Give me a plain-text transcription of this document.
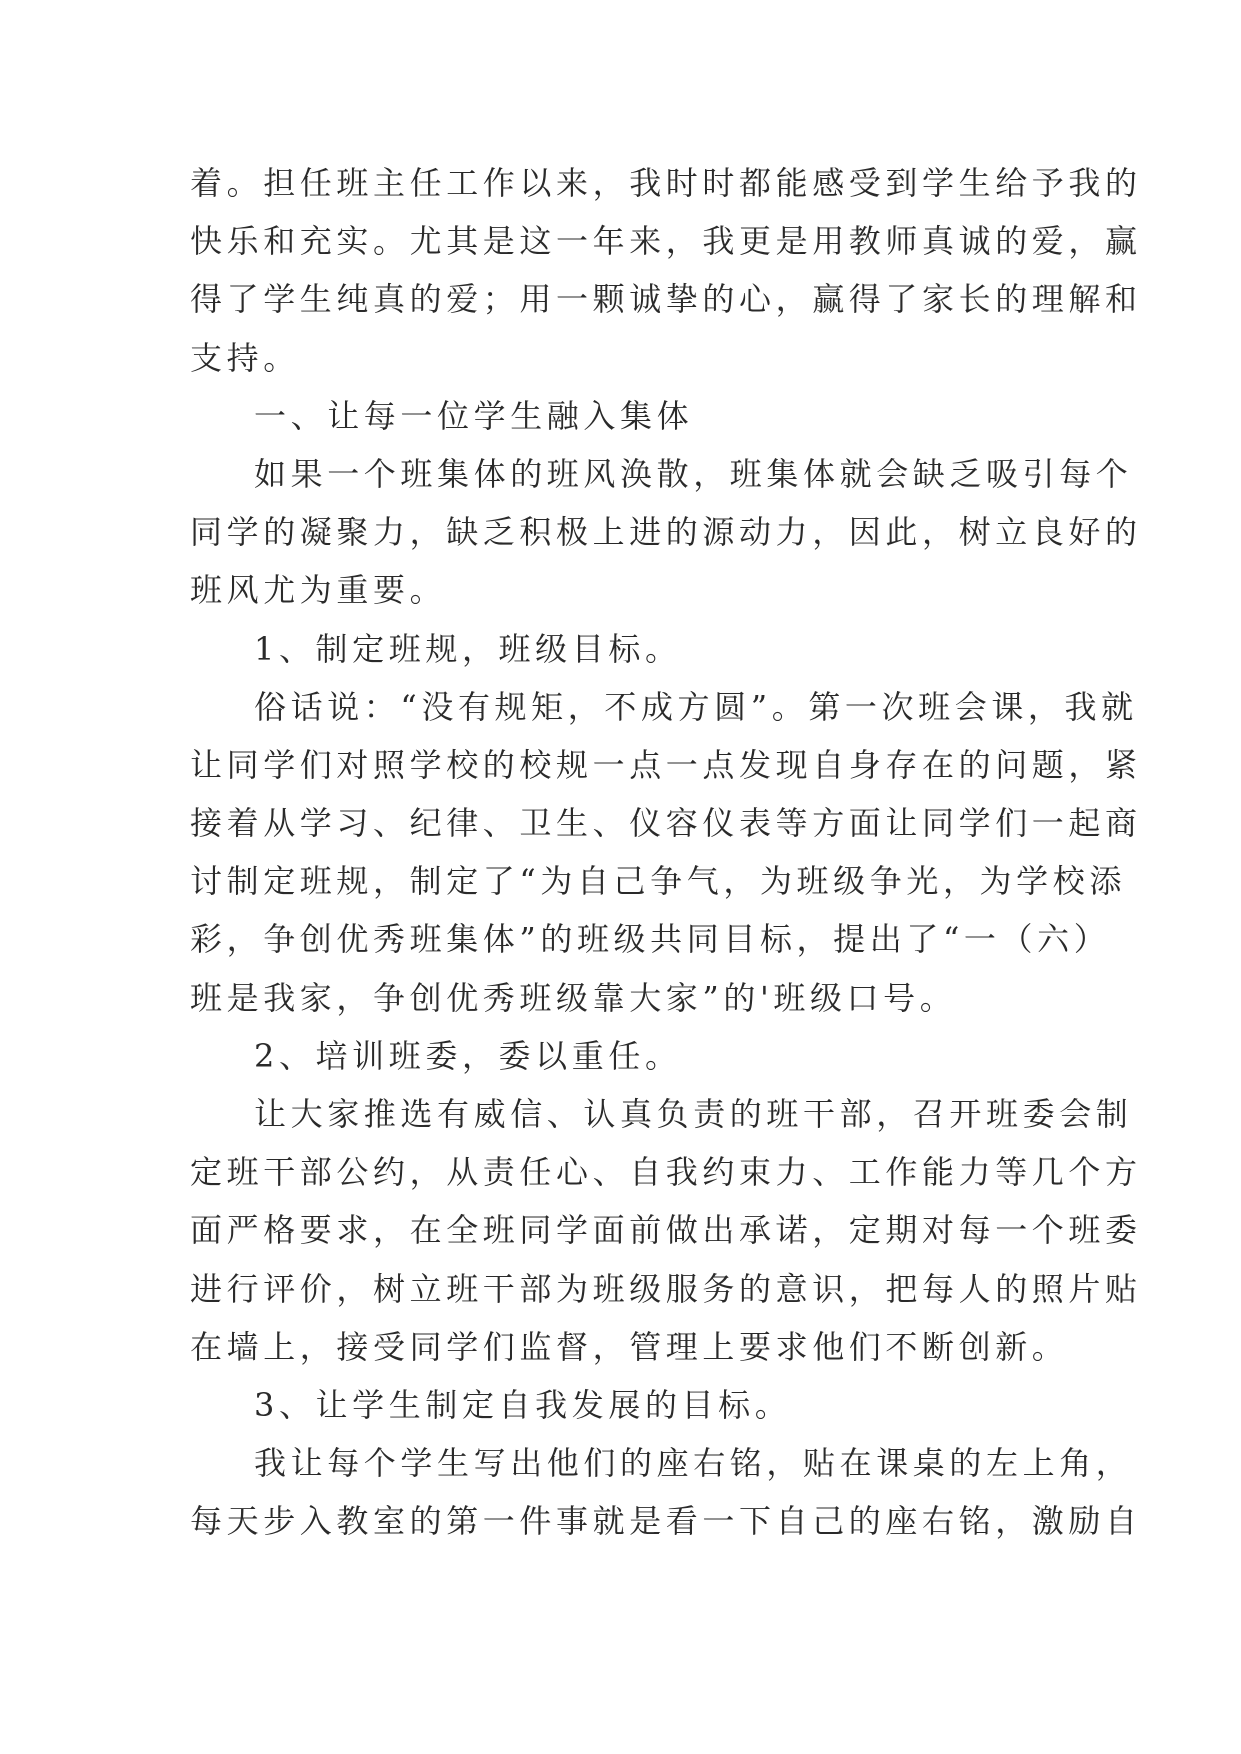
着。担任班主任工作以来，我时时都能感受到学生给予我的
快乐和充实。尤其是这一年来，我更是用教师真诚的爱，赢
得了学生纯真的爱；用一颗诚挚的心，赢得了家长的理解和
支持。
一、让每一位学生融入集体
如果一个班集体的班风涣散，班集体就会缺乏吸引每个
同学的凝聚力，缺乏积极上进的源动力，因此，树立良好的
班风尤为重要。
1、制定班规，班级目标。
俗话说：“没有规矩，不成方圆”。第一次班会课，我就
让同学们对照学校的校规一点一点发现自身存在的问题，紧
接着从学习、纪律、卫生、仪容仪表等方面让同学们一起商
讨制定班规，制定了“为自己争气，为班级争光，为学校添
彩，争创优秀班集体”的班级共同目标，提出了“一（六）
班是我家，争创优秀班级靠大家”的'班级口号。
2、培训班委，委以重任。
让大家推选有威信、认真负责的班干部，召开班委会制
定班干部公约，从责任心、自我约束力、工作能力等几个方
面严格要求，在全班同学面前做出承诺，定期对每一个班委
进行评价，树立班干部为班级服务的意识，把每人的照片贴
在墙上，接受同学们监督，管理上要求他们不断创新。
3、让学生制定自我发展的目标。
我让每个学生写出他们的座右铭，贴在课桌的左上角，
每天步入教室的第一件事就是看一下自己的座右铭，激励自
